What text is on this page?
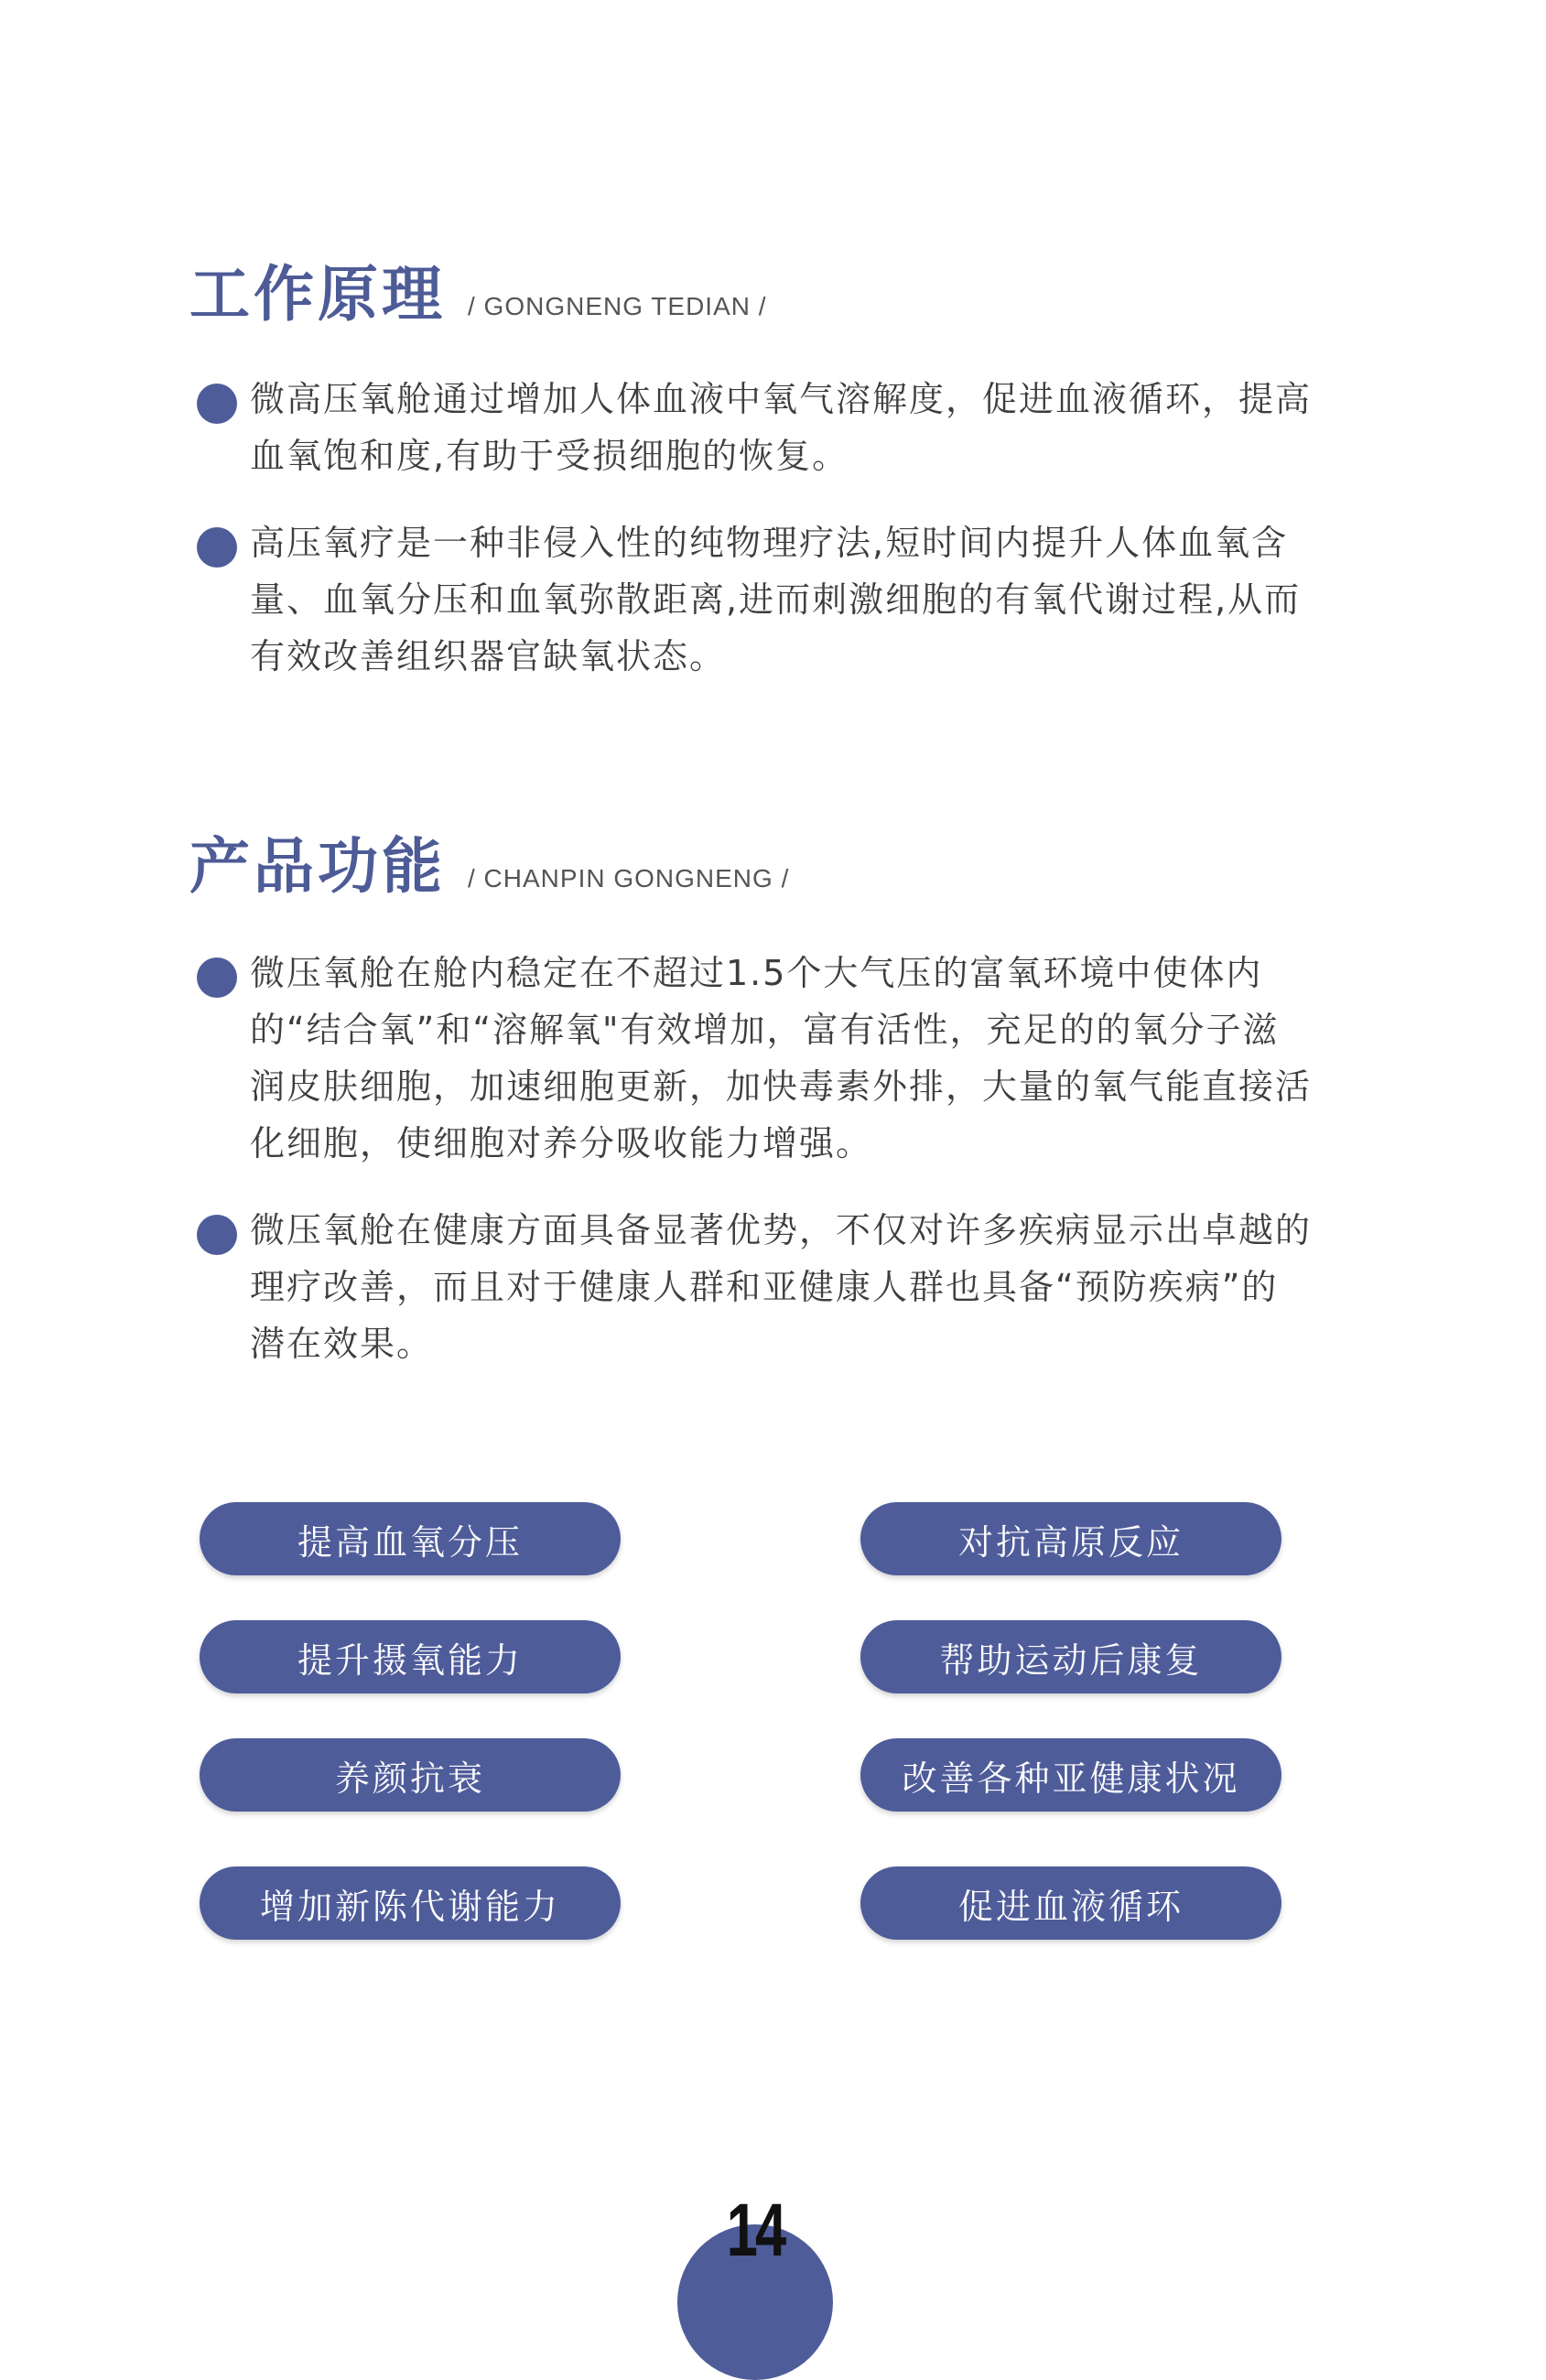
工作原理 / GONGNENG TEDIAN /

微高压氧舱通过增加人体血液中氧气溶解度，促进血液循环，提高血氧饱和度,有助于受损细胞的恢复。

高压氧疗是一种非侵入性的纯物理疗法,短时间内提升人体血氧含量、血氧分压和血氧弥散距离,进而刺激细胞的有氧代谢过程,从而有效改善组织器官缺氧状态。

产品功能 / CHANPIN GONGNENG /

微压氧舱在舱内稳定在不超过1.5个大气压的富氧环境中使体内的“结合氧”和“溶解氧"有效增加，富有活性，充足的的氧分子滋润皮肤细胞，加速细胞更新，加快毒素外排，大量的氧气能直接活化细胞，使细胞对养分吸收能力增强。

微压氧舱在健康方面具备显著优势，不仅对许多疾病显示出卓越的理疗改善，而且对于健康人群和亚健康人群也具备“预防疾病”的潜在效果。

提高血氧分压	对抗高原反应
提升摄氧能力	帮助运动后康复
养颜抗衰	改善各种亚健康状况
增加新陈代谢能力	促进血液循环
14
